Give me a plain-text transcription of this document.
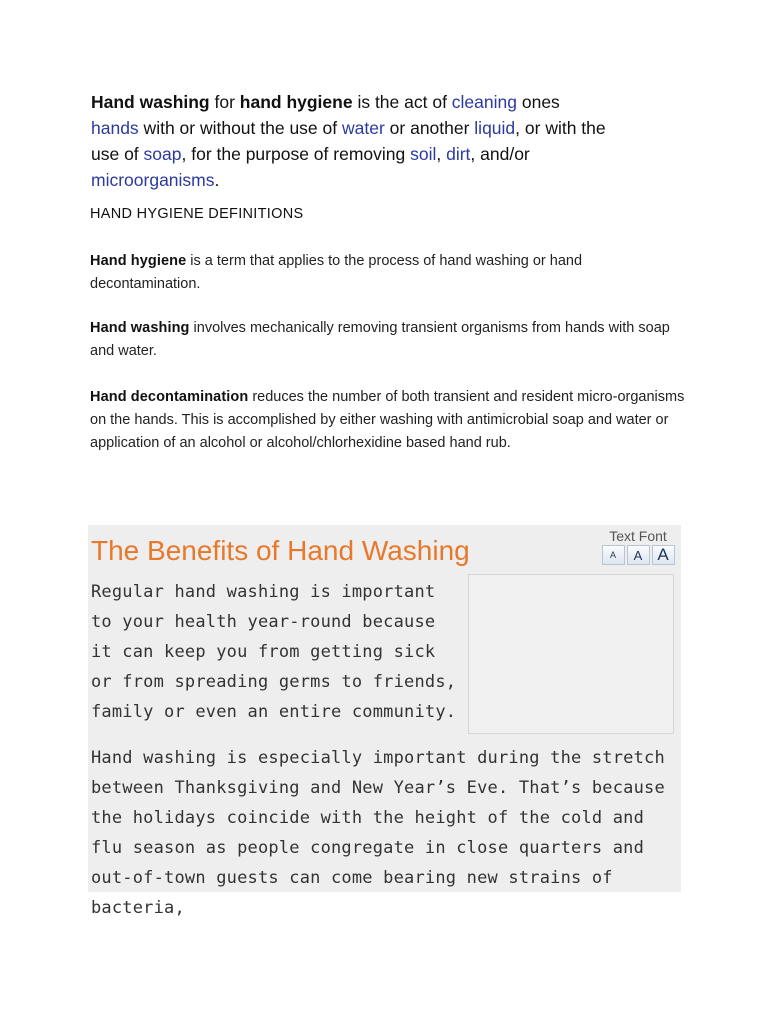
Hand washing for hand hygiene is the act of cleaning ones hands with or without the use of water or another liquid, or with the use of soap, for the purpose of removing soil, dirt, and/or microorganisms.
HAND HYGIENE DEFINITIONS
Hand hygiene is a term that applies to the process of hand washing or hand decontamination.
Hand washing involves mechanically removing transient organisms from hands with soap and water.
Hand decontamination reduces the number of both transient and resident micro-organisms on the hands. This is accomplished by either washing with antimicrobial soap and water or application of an alcohol or alcohol/chlorhexidine based hand rub.
The Benefits of Hand Washing	Text Font
A	A A
Regular hand washing is important to your health year-round because it can keep you from getting sick or from spreading germs to friends, family or even an entire community.
Hand washing is especially important during the stretch between Thanksgiving and New Year’s Eve. That’s because the holidays coincide with the height of the cold and flu season as people congregate in close quarters and out-of-town guests can come bearing new strains of bacteria,
